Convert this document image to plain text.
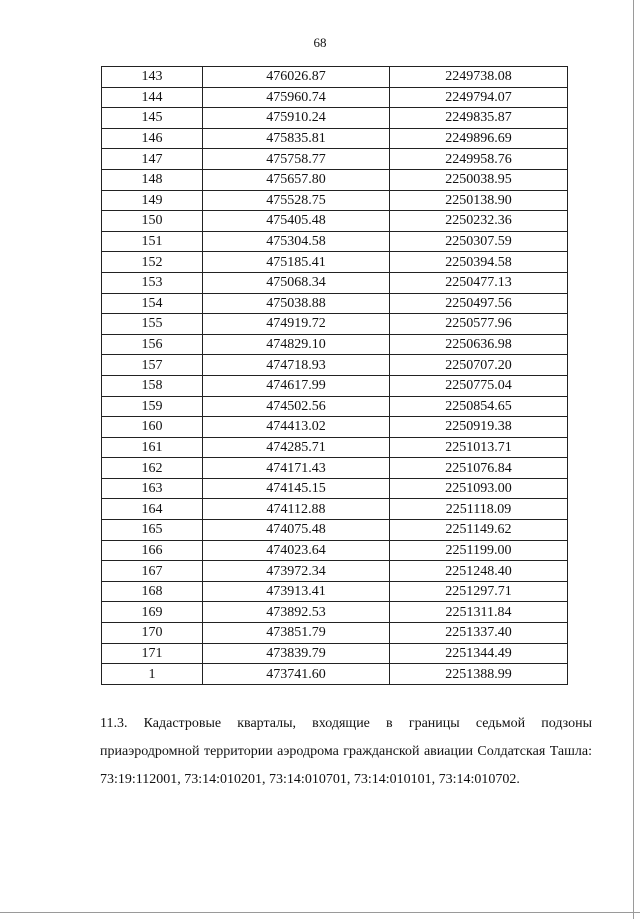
68
143	476026.87	2249738.08
144	475960.74	2249794.07
145	475910.24	2249835.87
146	475835.81	2249896.69
147	475758.77	2249958.76
148	475657.80	2250038.95
149	475528.75	2250138.90
150	475405.48	2250232.36
151	475304.58	2250307.59
152	475185.41	2250394.58
153	475068.34	2250477.13
154	475038.88	2250497.56
155	474919.72	2250577.96
156	474829.10	2250636.98
157	474718.93	2250707.20
158	474617.99	2250775.04
159	474502.56	2250854.65
160	474413.02	2250919.38
161	474285.71	2251013.71
162	474171.43	2251076.84
163	474145.15	2251093.00
164	474112.88	2251118.09
165	474075.48	2251149.62
166	474023.64	2251199.00
167	473972.34	2251248.40
168	473913.41	2251297.71
169	473892.53	2251311.84
170	473851.79	2251337.40
171	473839.79	2251344.49
1	473741.60	2251388.99
11.3. Кадастровые кварталы, входящие в границы седьмой подзоны
приаэродромной территории аэродрома гражданской авиации Солдатская Ташла:
73:19:112001, 73:14:010201, 73:14:010701, 73:14:010101, 73:14:010702.
